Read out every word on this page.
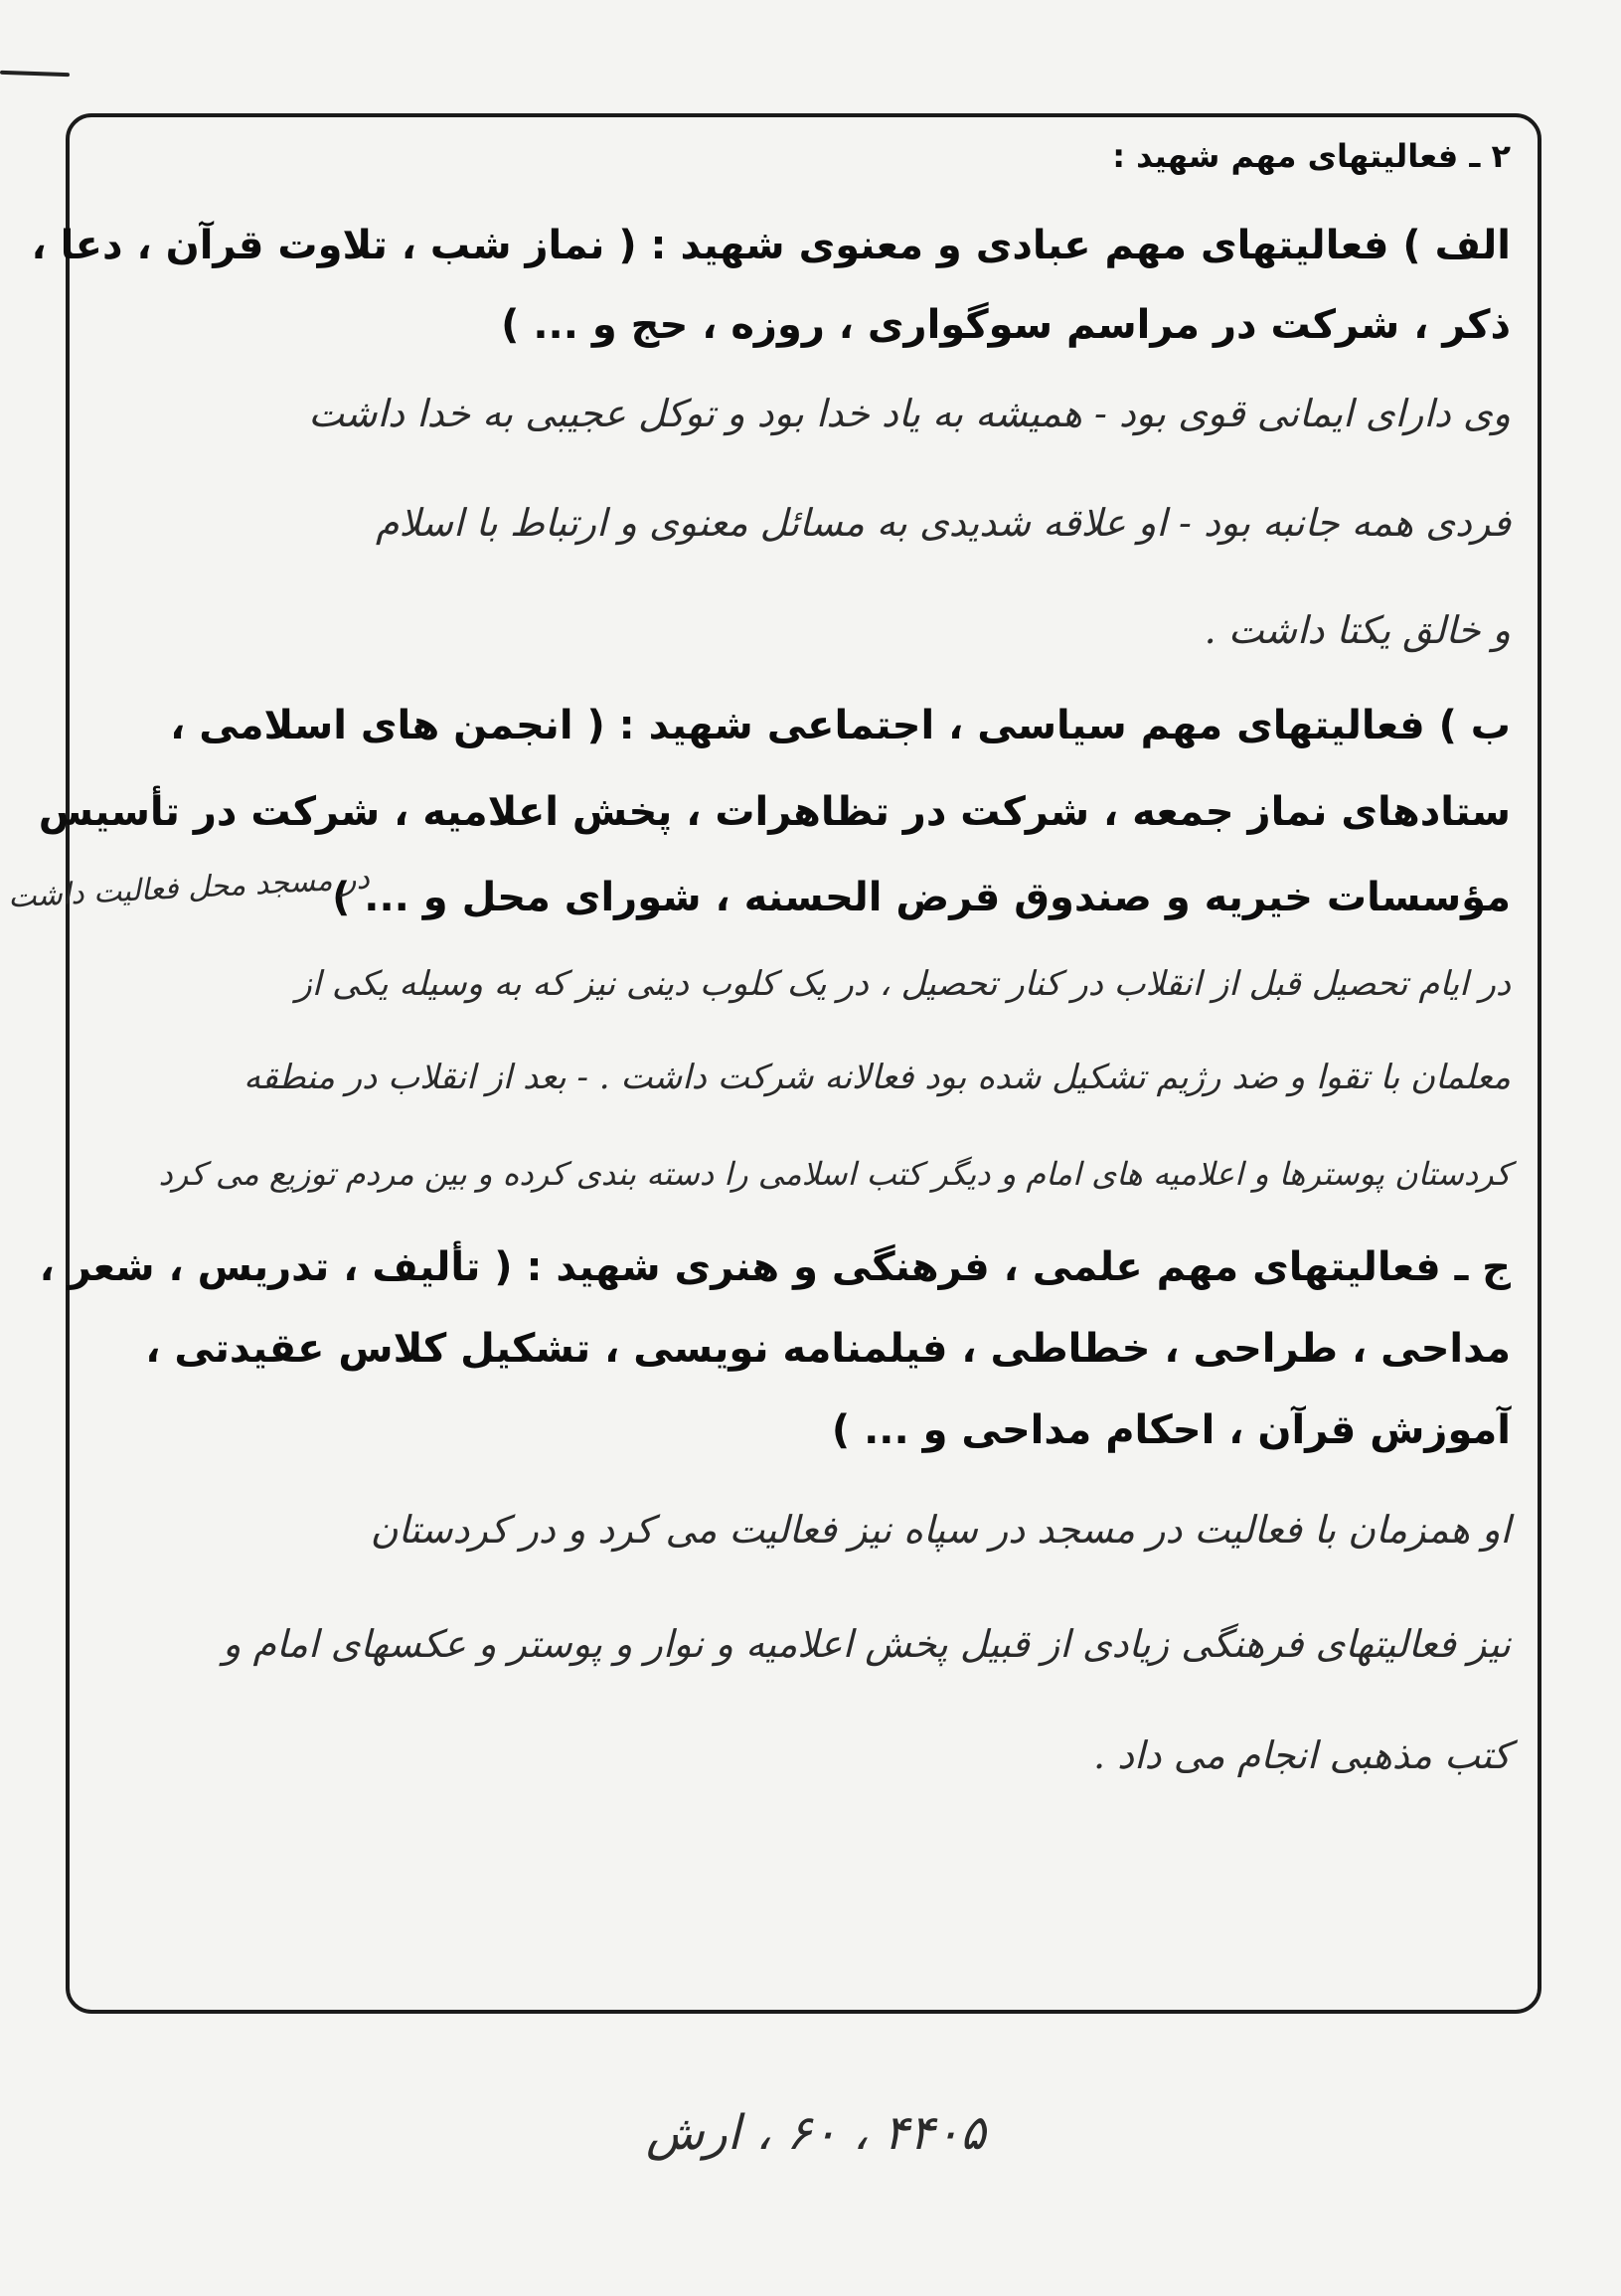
۲ ـ فعالیتهای مهم شهید :
الف ) فعالیتهای مهم عبادی و معنوی شهید : ( نماز شب ، تلاوت قرآن ، دعا ،
ذکر ، شرکت در مراسم سوگواری ، روزه ، حج و ... )
وی دارای ایمانی قوی بود - همیشه به یاد خدا بود و توکل عجیبی به خدا داشت
فردی همه جانبه بود - او علاقه شدیدی به مسائل معنوی و ارتباط با اسلام
و خالق یکتا داشت .
ب ) فعالیتهای مهم سیاسی ، اجتماعی شهید : ( انجمن های اسلامی ،
ستادهای نماز جمعه ، شرکت در تظاهرات ، پخش اعلامیه ، شرکت در تأسیس
مؤسسات خیریه و صندوق قرض الحسنه ، شورای محل و ... )
در ایام تحصیل قبل از انقلاب در کنار تحصیل ، در یک کلوب دینی نیز که به وسیله یکی از
معلمان با تقوا و ضد رژیم تشکیل شده بود فعالانه شرکت داشت . - بعد از انقلاب در منطقه
کردستان پوسترها و اعلامیه های امام و دیگر کتب اسلامی را دسته بندی کرده و بین مردم توزیع می کرد
ج ـ فعالیتهای مهم علمی ، فرهنگی و هنری شهید : ( تألیف ، تدریس ، شعر ،
مداحی ، طراحی ، خطاطی ، فیلمنامه نویسی ، تشکیل کلاس عقیدتی ،
آموزش قرآن ، احکام مداحی و ... )
او همزمان با فعالیت در مسجد در سپاه نیز فعالیت می کرد و در کردستان
نیز فعالیتهای فرهنگی زیادی از قبیل پخش اعلامیه و نوار و پوستر و عکسهای امام و
کتب مذهبی انجام می داد .
در مسجد محل فعالیت داشت
۴۴۰۵ ، ۶۰ ، ارش
